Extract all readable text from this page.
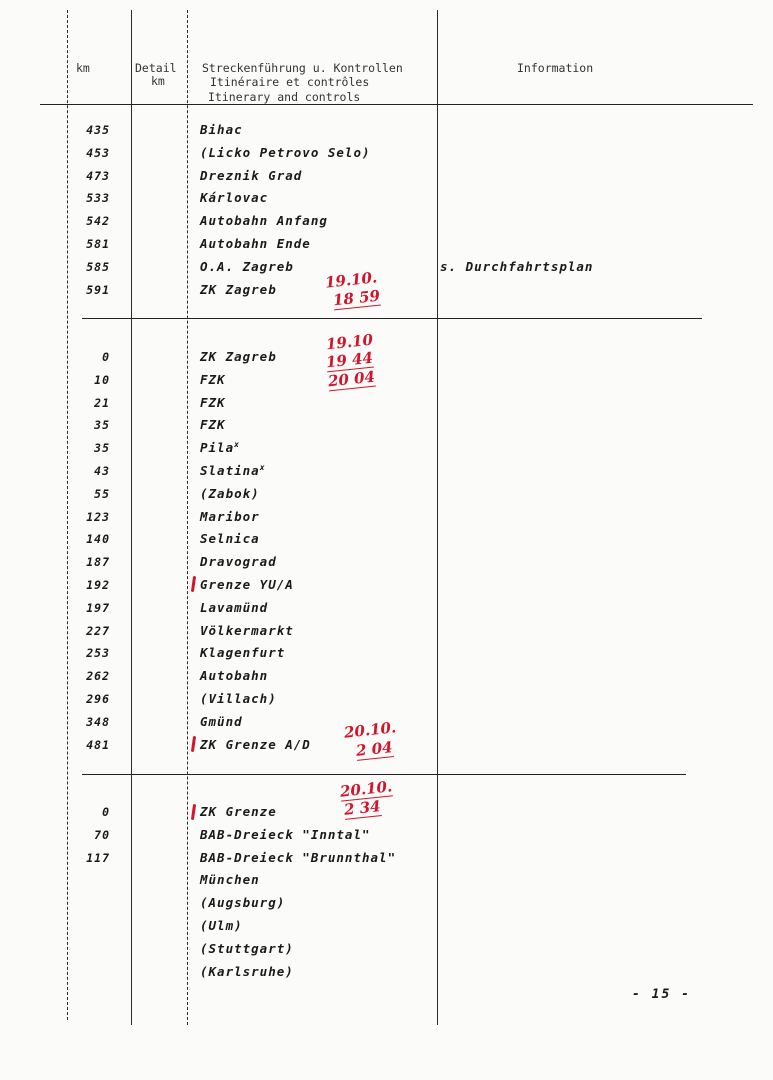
km	Detail
km
Streckenführung u. Kontrollen
Itinéraire et contrôles
Itinerary and controls
Information
435	Bihac
453	(Licko Petrovo Selo)
473	Dreznik Grad
533	Kárlovac
542	Autobahn Anfang
581	Autobahn Ende
585	O.A. Zagreb	s. Durchfahrtsplan
591	ZK Zagreb
0	ZK Zagreb
10	FZK
21	FZK
35	FZK
35	Pila$^x$
43	Slatina$^x$
55	(Zabok)
123	Maribor
140	Selnica
187	Dravograd
192	Grenze YU/A
197	Lavamünd
227	Völkermarkt
253	Klagenfurt
262	Autobahn
296	(Villach)
348	Gmünd
481	ZK Grenze A/D
0	ZK Grenze
70	BAB-Dreieck "Inntal"
117	BAB-Dreieck "Brunnthal"
München
(Augsburg)
(Ulm)
(Stuttgart)
(Karlsruhe)
19.10.
18 59
19.10
19 44
20 04
20.10.
2 04
20.10.
2 34
- 15 -
